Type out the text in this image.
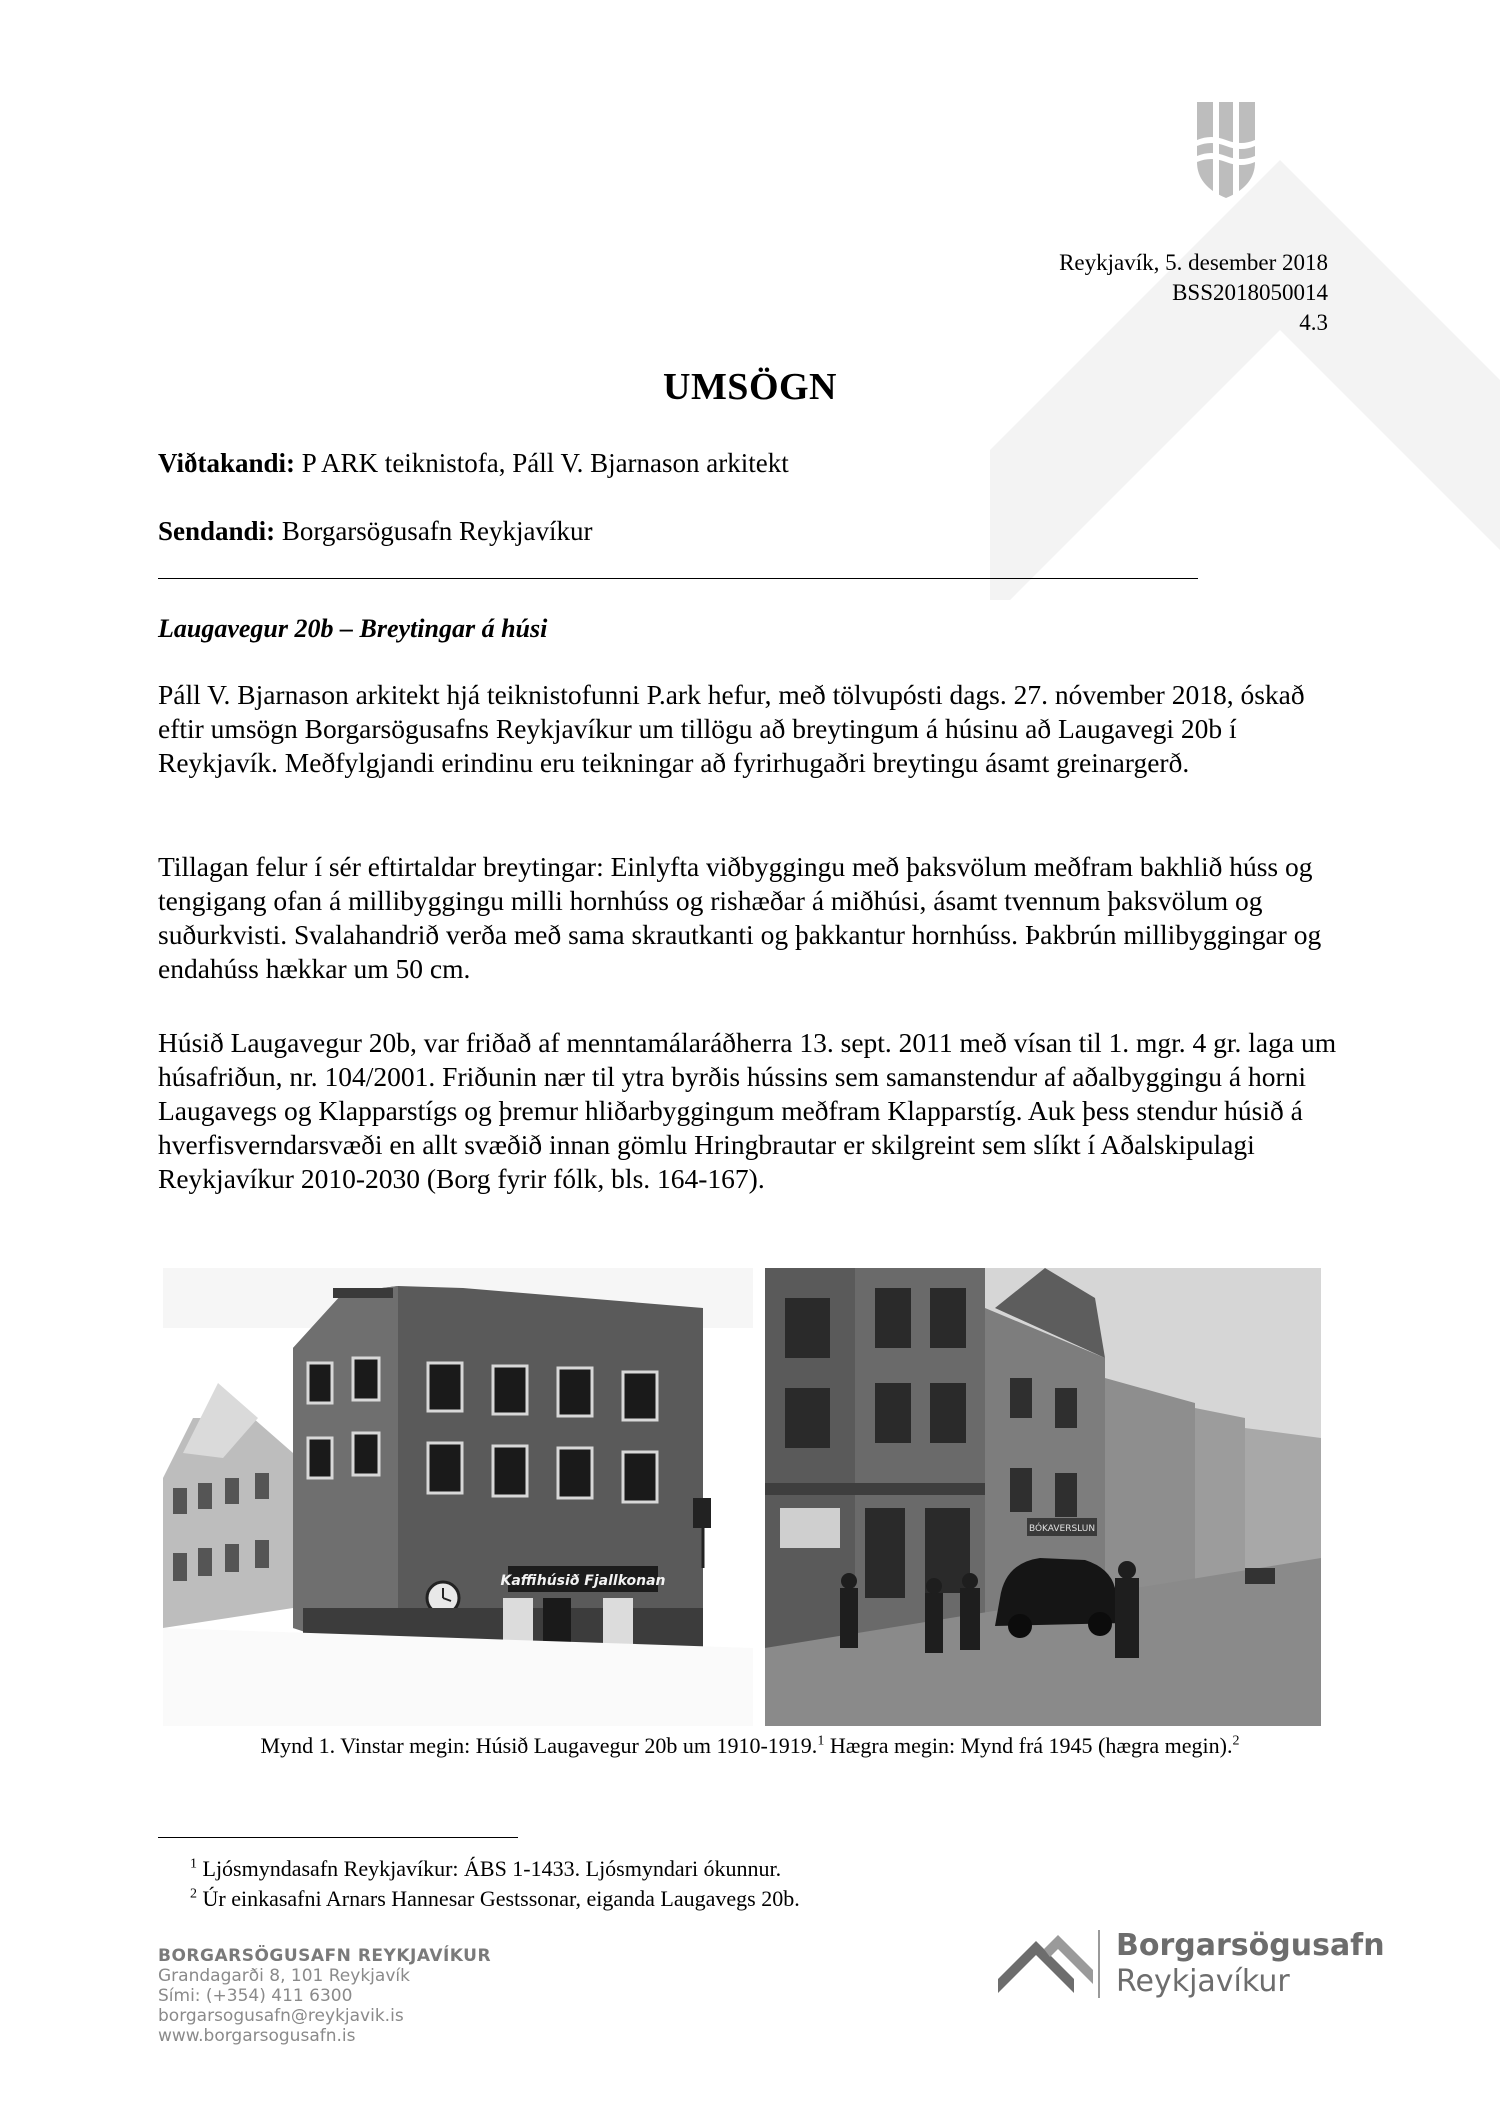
Reykjavík, 5. desember 2018
BSS2018050014
4.3
UMSÖGN
Viðtakandi: P ARK teiknistofa, Páll V. Bjarnason arkitekt
Sendandi: Borgarsögusafn Reykjavíkur
Laugavegur 20b – Breytingar á húsi

Páll V. Bjarnason arkitekt hjá teiknistofunni P.ark hefur, með tölvupósti dags. 27. nóvember 2018, óskað eftir umsögn Borgarsögusafns Reykjavíkur um tillögu að breytingum á húsinu að Laugavegi 20b í Reykjavík. Meðfylgjandi erindinu eru teikningar að fyrirhugaðri breytingu ásamt greinargerð.

Tillagan felur í sér eftirtaldar breytingar: Einlyfta viðbyggingu með þaksvölum meðfram bakhlið húss og tengigang ofan á millibyggingu milli hornhúss og rishæðar á miðhúsi, ásamt tvennum þaksvölum og suðurkvisti. Svalahandrið verða með sama skrautkanti og þakkantur hornhúss. Þakbrún millibyggingar og endahúss hækkar um 50 cm.

Húsið Laugavegur 20b, var friðað af menntamálaráðherra 13. sept. 2011 með vísan til 1. mgr. 4 gr. laga um húsafriðun, nr. 104/2001. Friðunin nær til ytra byrðis hússins sem samanstendur af aðalbyggingu á horni Laugavegs og Klapparstígs og þremur hliðarbyggingum meðfram Klapparstíg. Auk þess stendur húsið á hverfisverndarsvæði en allt svæðið innan gömlu Hringbrautar er skilgreint sem slíkt í Aðalskipulagi Reykjavíkur 2010-2030 (Borg fyrir fólk, bls. 164-167).

Kaffihúsið Fjallkonan
BÓKAVERSLUN
Mynd 1. Vinstar megin: Húsið Laugavegur 20b um 1910-1919.$^1$ Hægra megin: Mynd frá 1945 (hægra megin).$^2$
$^1$ Ljósmyndasafn Reykjavíkur: ÁBS 1-1433. Ljósmyndari ókunnur.
$^2$ Úr einkasafni Arnars Hannesar Gestssonar, eiganda Laugavegs 20b.
BORGARSÖGUSAFN REYKJAVÍKUR
Grandagarði 8, 101 Reykjavík
Sími: (+354) 411 6300
borgarsogusafn@reykjavik.is
www.borgarsogusafn.is
Borgarsögusafn
Reykjavíkur
